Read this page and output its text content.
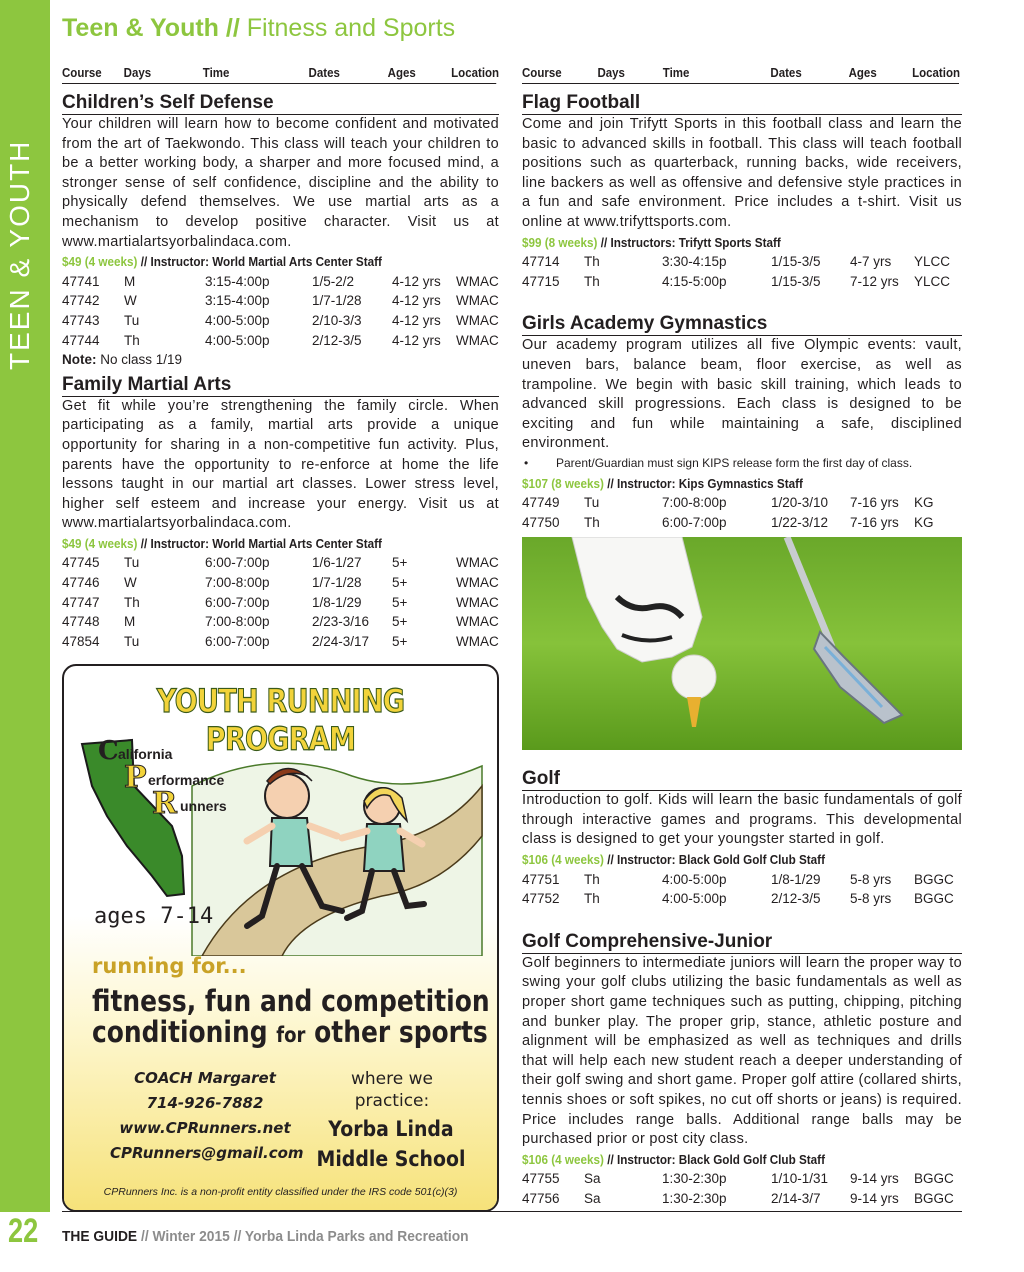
TEEN & YOUTH
Teen & Youth // Fitness and Sports
Course	Days	Time	Dates	Ages	Location
Children’s Self Defense
Your children will learn how to become confident and motivated from the art of Taekwondo. This class will teach your children to be a better working body, a sharper and more focused mind, a stronger sense of self confidence, discipline and the ability to physically defend themselves. We use martial arts as a mechanism to develop positive character. Visit us at www.martialartsyorbalindaca.com.
$49 (4 weeks) // Instructor: World Martial Arts Center Staff
47741	M	3:15-4:00p	1/5-2/2	4-12 yrs	WMAC
47742	W	3:15-4:00p	1/7-1/28	4-12 yrs	WMAC
47743	Tu	4:00-5:00p	2/10-3/3	4-12 yrs	WMAC
47744	Th	4:00-5:00p	2/12-3/5	4-12 yrs	WMAC
Note: No class 1/19
Family Martial Arts
Get fit while you’re strengthening the family circle. When participating as a family, martial arts provide a unique opportunity for sharing in a non-competitive fun activity. Plus, parents have the opportunity to re-enforce at home the life lessons taught in our martial art classes. Lower stress level, higher self esteem and increase your energy. Visit us at www.martialartsyorbalindaca.com.
$49 (4 weeks) // Instructor: World Martial Arts Center Staff
47745	Tu	6:00-7:00p	1/6-1/27	5+	WMAC
47746	W	7:00-8:00p	1/7-1/28	5+	WMAC
47747	Th	6:00-7:00p	1/8-1/29	5+	WMAC
47748	M	7:00-8:00p	2/23-3/16	5+	WMAC
47854	Tu	6:00-7:00p	2/24-3/17	5+	WMAC
YOUTH RUNNING PROGRAM
C alifornia
P erformance
R unners
ages 7-14
running for...
fitness, fun and competition
conditioning for other sports
COACH Margaret
714-926-7882
www.CPRunners.net
CPRunners@gmail.com
where we
practice:
Yorba Linda
Middle School
CPRunners Inc. is a non-profit entity classified under the IRS code 501(c)(3)
Course	Days	Time	Dates	Ages	Location
Flag Football
Come and join Trifytt Sports in this football class and learn the basic to advanced skills in football. This class will teach football positions such as quarterback, running backs, wide receivers, line backers as well as offensive and defensive style practices in a fun and safe environment. Price includes a t-shirt. Visit us online at www.trifyttsports.com.
$99 (8 weeks) // Instructors: Trifytt Sports Staff
47714	Th	3:30-4:15p	1/15-3/5	4-7 yrs	YLCC
47715	Th	4:15-5:00p	1/15-3/5	7-12 yrs	YLCC
Girls Academy Gymnastics
Our academy program utilizes all five Olympic events: vault, uneven bars, balance beam, floor exercise, as well as trampoline. We begin with basic skill training, which leads to advanced skill progressions. Each class is designed to be exciting and fun while maintaining a safe, disciplined environment.
• Parent/Guardian must sign KIPS release form the first day of class.
$107 (8 weeks) // Instructor: Kips Gymnastics Staff
47749	Tu	7:00-8:00p	1/20-3/10	7-16 yrs	KG
47750	Th	6:00-7:00p	1/22-3/12	7-16 yrs	KG
Golf
Introduction to golf. Kids will learn the basic fundamentals of golf through interactive games and programs. This developmental class is designed to get your youngster started in golf.
$106 (4 weeks) // Instructor: Black Gold Golf Club Staff
47751	Th	4:00-5:00p	1/8-1/29	5-8 yrs	BGGC
47752	Th	4:00-5:00p	2/12-3/5	5-8 yrs	BGGC
Golf Comprehensive-Junior
Golf beginners to intermediate juniors will learn the proper way to swing your golf clubs utilizing the basic fundamentals as well as proper short game techniques such as putting, chipping, pitching and bunker play. The proper grip, stance, athletic posture and alignment will be emphasized as well as techniques and drills that will help each new student reach a deeper understanding of their golf swing and short game. Proper golf attire (collared shirts, tennis shoes or soft spikes, no cut off shorts or jeans) is required. Price includes range balls. Additional range balls may be purchased prior or post city class.
$106 (4 weeks) // Instructor: Black Gold Golf Club Staff
47755	Sa	1:30-2:30p	1/10-1/31	9-14 yrs	BGGC
47756	Sa	1:30-2:30p	2/14-3/7	9-14 yrs	BGGC
22 THE GUIDE // Winter 2015 // Yorba Linda Parks and Recreation
